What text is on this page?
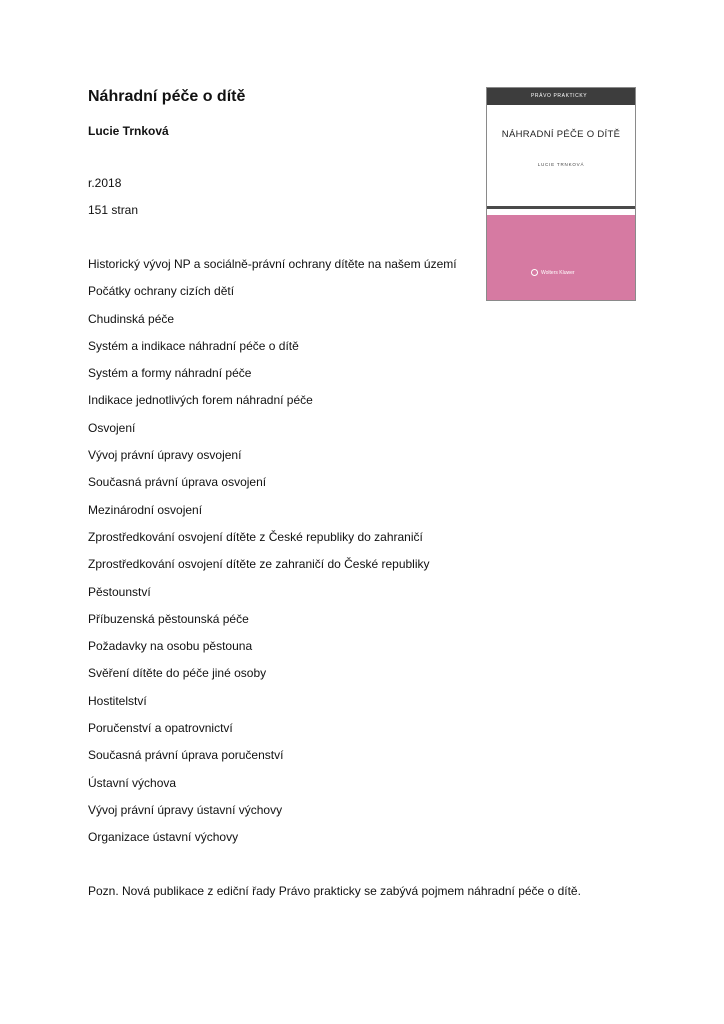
Náhradní péče o dítě
Lucie Trnková
r.2018
151 stran
Historický vývoj NP a sociálně-právní ochrany dítěte na našem území
Počátky ochrany cizích dětí
Chudinská péče
Systém a indikace náhradní péče o dítě
Systém a formy náhradní péče
Indikace jednotlivých forem náhradní péče
Osvojení
Vývoj právní úpravy osvojení
Současná právní úprava osvojení
Mezinárodní osvojení
Zprostředkování osvojení dítěte z České republiky do zahraničí
Zprostředkování osvojení dítěte ze zahraničí do České republiky
Pěstounství
Příbuzenská pěstounská péče
Požadavky na osobu pěstouna
Svěření dítěte do péče jiné osoby
Hostitelství
Poručenství a opatrovnictví
Současná právní úprava poručenství
Ústavní výchova
Vývoj právní úpravy ústavní výchovy
Organizace ústavní výchovy
Pozn. Nová publikace z ediční řady Právo prakticky se zabývá pojmem náhradní péče o dítě.
PRÁVO PRAKTICKY
NÁHRADNÍ PÉČE O DÍTĚ
LUCIE TRNKOVÁ
Wolters Kluwer
